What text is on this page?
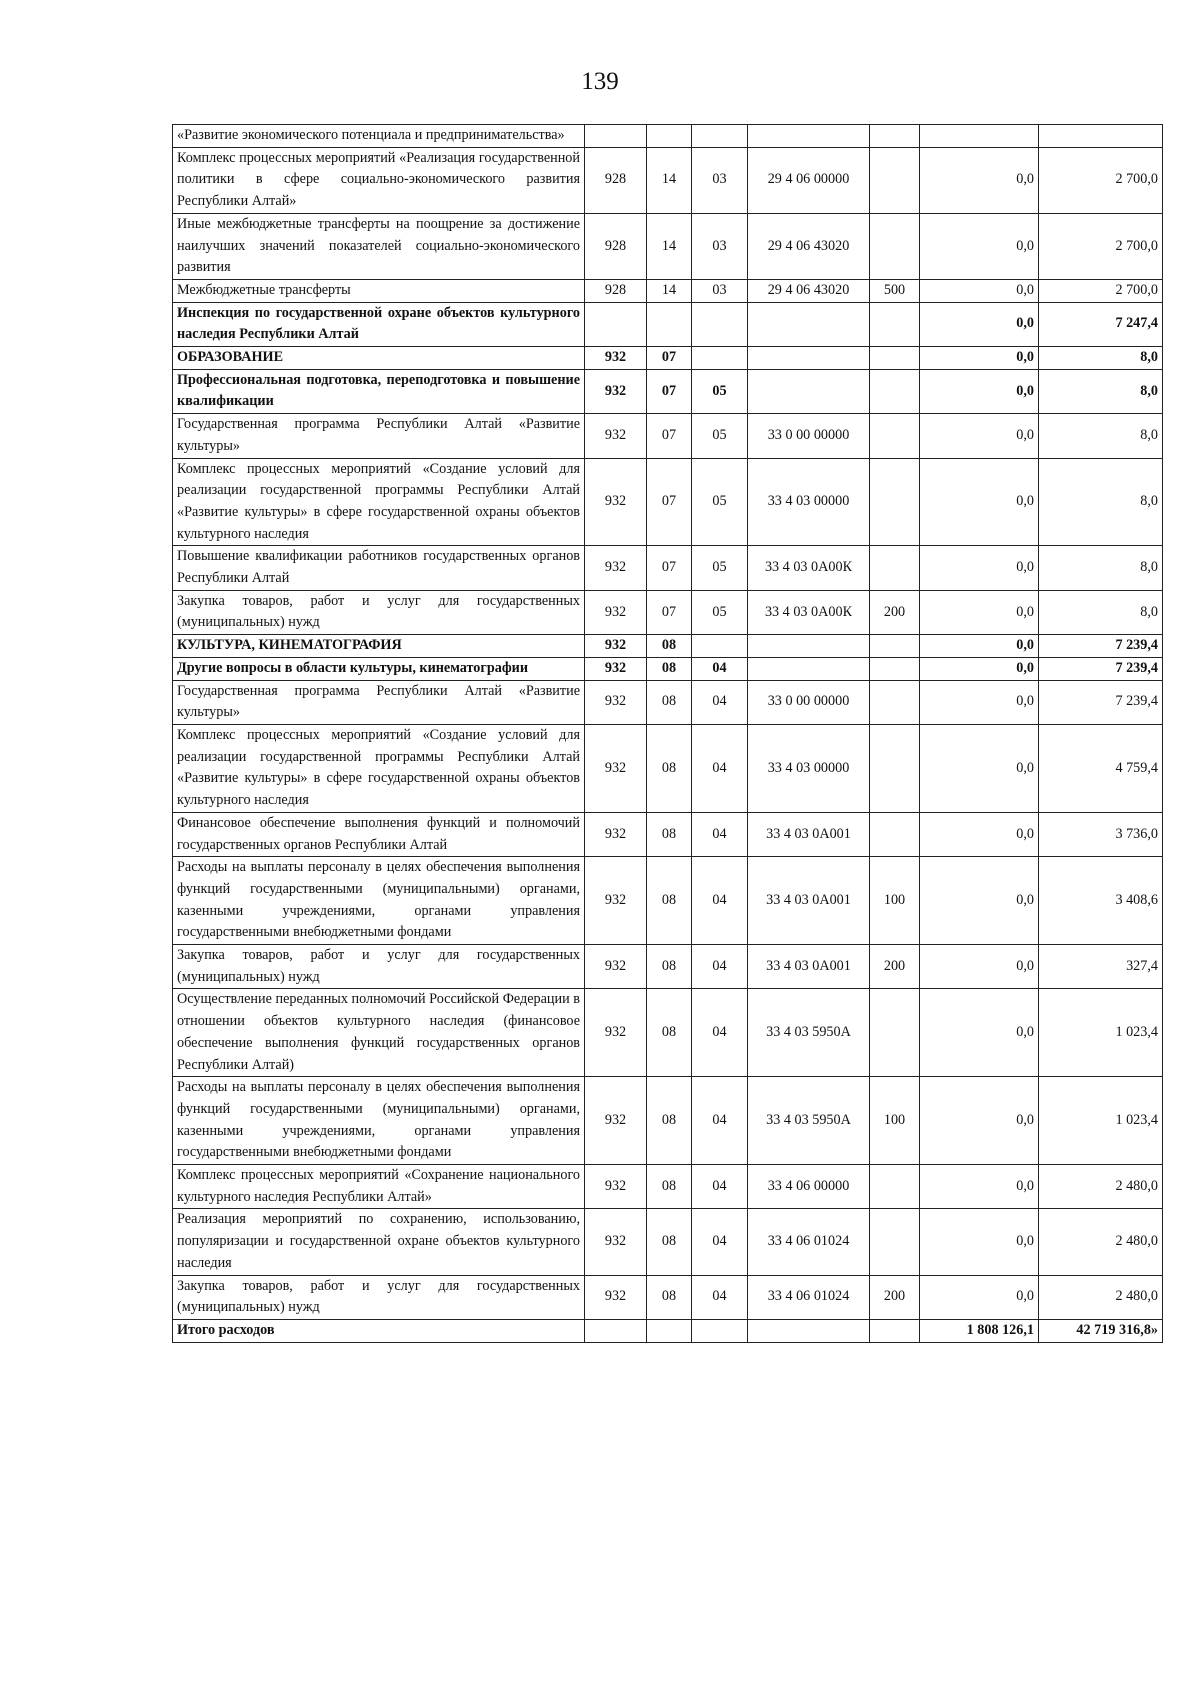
139
«Развитие экономического потенциала и предпринимательства»							
Комплекс процессных мероприятий «Реализация государственной политики в сфере социально-экономического развития Республики Алтай»	928	14	03	29 4 06 00000		0,0	2 700,0
Иные межбюджетные трансферты на поощрение за достижение наилучших значений показателей социально-экономического развития	928	14	03	29 4 06 43020		0,0	2 700,0
Межбюджетные трансферты	928	14	03	29 4 06 43020	500	0,0	2 700,0
Инспекция по государственной охране объектов культурного наследия Республики Алтай						0,0	7 247,4
ОБРАЗОВАНИЕ	932	07				0,0	8,0
Профессиональная подготовка, переподготовка и повышение квалификации	932	07	05			0,0	8,0
Государственная программа Республики Алтай «Развитие культуры»	932	07	05	33 0 00 00000		0,0	8,0
Комплекс процессных мероприятий «Создание условий для реализации государственной программы Республики Алтай «Развитие культуры» в сфере государственной охраны объектов культурного наследия	932	07	05	33 4 03 00000		0,0	8,0
Повышение квалификации работников государственных органов Республики Алтай	932	07	05	33 4 03 0А00К		0,0	8,0
Закупка товаров, работ и услуг для государственных (муниципальных) нужд	932	07	05	33 4 03 0А00К	200	0,0	8,0
КУЛЬТУРА, КИНЕМАТОГРАФИЯ	932	08				0,0	7 239,4
Другие вопросы в области культуры, кинематографии	932	08	04			0,0	7 239,4
Государственная программа Республики Алтай «Развитие культуры»	932	08	04	33 0 00 00000		0,0	7 239,4
Комплекс процессных мероприятий «Создание условий для реализации государственной программы Республики Алтай «Развитие культуры» в сфере государственной охраны объектов культурного наследия	932	08	04	33 4 03 00000		0,0	4 759,4
Финансовое обеспечение выполнения функций и полномочий государственных органов Республики Алтай	932	08	04	33 4 03 0А001		0,0	3 736,0
Расходы на выплаты персоналу в целях обеспечения выполнения функций государственными (муниципальными) органами, казенными учреждениями, органами управления государственными внебюджетными фондами	932	08	04	33 4 03 0А001	100	0,0	3 408,6
Закупка товаров, работ и услуг для государственных (муниципальных) нужд	932	08	04	33 4 03 0А001	200	0,0	327,4
Осуществление переданных полномочий Российской Федерации в отношении объектов культурного наследия (финансовое обеспечение выполнения функций государственных органов Республики Алтай)	932	08	04	33 4 03 5950А		0,0	1 023,4
Расходы на выплаты персоналу в целях обеспечения выполнения функций государственными (муниципальными) органами, казенными учреждениями, органами управления государственными внебюджетными фондами	932	08	04	33 4 03 5950А	100	0,0	1 023,4
Комплекс процессных мероприятий «Сохранение национального культурного наследия Республики Алтай»	932	08	04	33 4 06 00000		0,0	2 480,0
Реализация мероприятий по сохранению, использованию, популяризации и государственной охране объектов культурного наследия	932	08	04	33 4 06 01024		0,0	2 480,0
Закупка товаров, работ и услуг для государственных (муниципальных) нужд	932	08	04	33 4 06 01024	200	0,0	2 480,0
Итого расходов						1 808 126,1	42 719 316,8»
